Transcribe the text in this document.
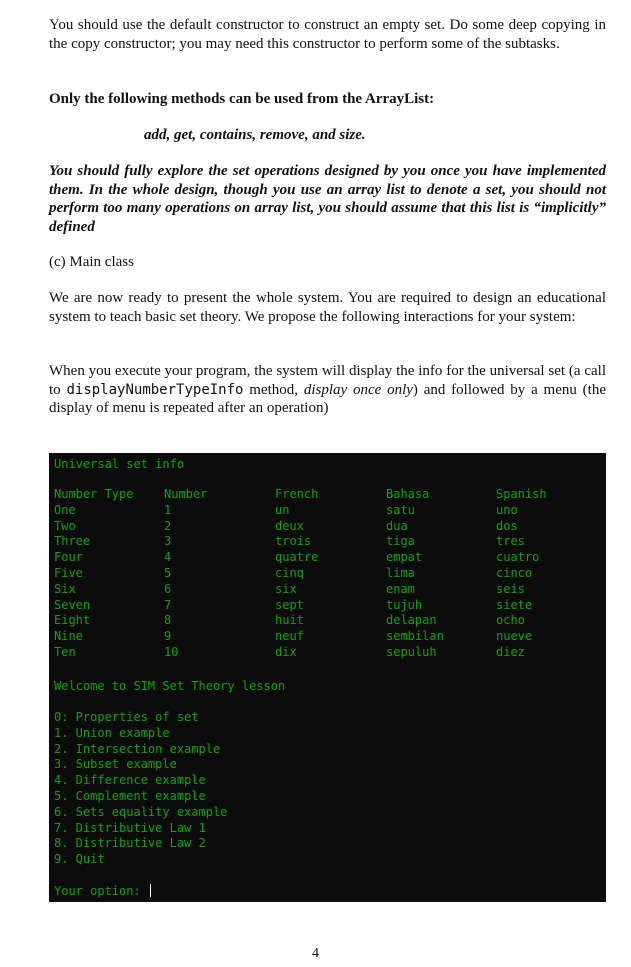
You should use the default constructor to construct an empty set. Do some deep copying in the copy constructor; you may need this constructor to perform some of the subtasks.

Only the following methods can be used from the ArrayList:

add, get, contains, remove, and size.

You should fully explore the set operations designed by you once you have implemented them. In the whole design, though you use an array list to denote a set, you should not perform too many operations on array list, you should assume that this list is “implicitly” defined

(c) Main class

We are now ready to present the whole system. You are required to design an educational system to teach basic set theory. We propose the following interactions for your system:

When you execute your program, the system will display the info for the universal set (a call to displayNumberTypeInfo method, display once only) and followed by a menu (the display of menu is repeated after an operation)

Universal set info
Number Type
One
Two
Three
Four
Five
Six
Seven
Eight
Nine
Ten
Number
1
2
3
4
5
6
7
8
9
10
French
un
deux
trois
quatre
cinq
six
sept
huit
neuf
dix
Bahasa
satu
dua
tiga
empat
lima
enam
tujuh
delapan
sembilan
sepuluh
Spanish
uno
dos
tres
cuatro
cinco
seis
siete
ocho
nueve
diez
Welcome to SIM Set Theory lesson
0: Properties of set
1. Union example
2. Intersection example
3. Subset example
4. Difference example
5. Complement example
6. Sets equality example
7. Distributive Law 1
8. Distributive Law 2
9. Quit
Your option:
4
